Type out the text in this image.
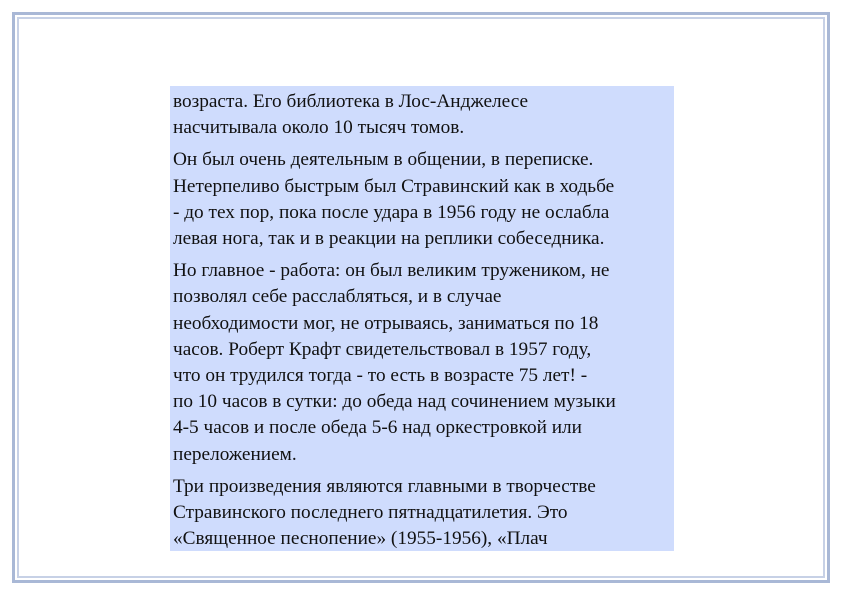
возраста. Его библиотека в Лос-Анджелесе
насчитывала около 10 тысяч томов.

Он был очень деятельным в общении, в переписке.
Нетерпеливо быстрым был Стравинский как в ходьбе
- до тех пор, пока после удара в 1956 году не ослабла
левая нога, так и в реакции на реплики собеседника.

Но главное - работа: он был великим тружеником, не
позволял себе расслабляться, и в случае
необходимости мог, не отрываясь, заниматься по 18
часов. Роберт Крафт свидетельствовал в 1957 году,
что он трудился тогда - то есть в возрасте 75 лет! -
по 10 часов в сутки: до обеда над сочинением музыки
4-5 часов и после обеда 5-6 над оркестровкой или
переложением.

Три произведения являются главными в творчестве
Стравинского последнего пятнадцатилетия. Это
«Священное песнопение» (1955-1956), «Плач
